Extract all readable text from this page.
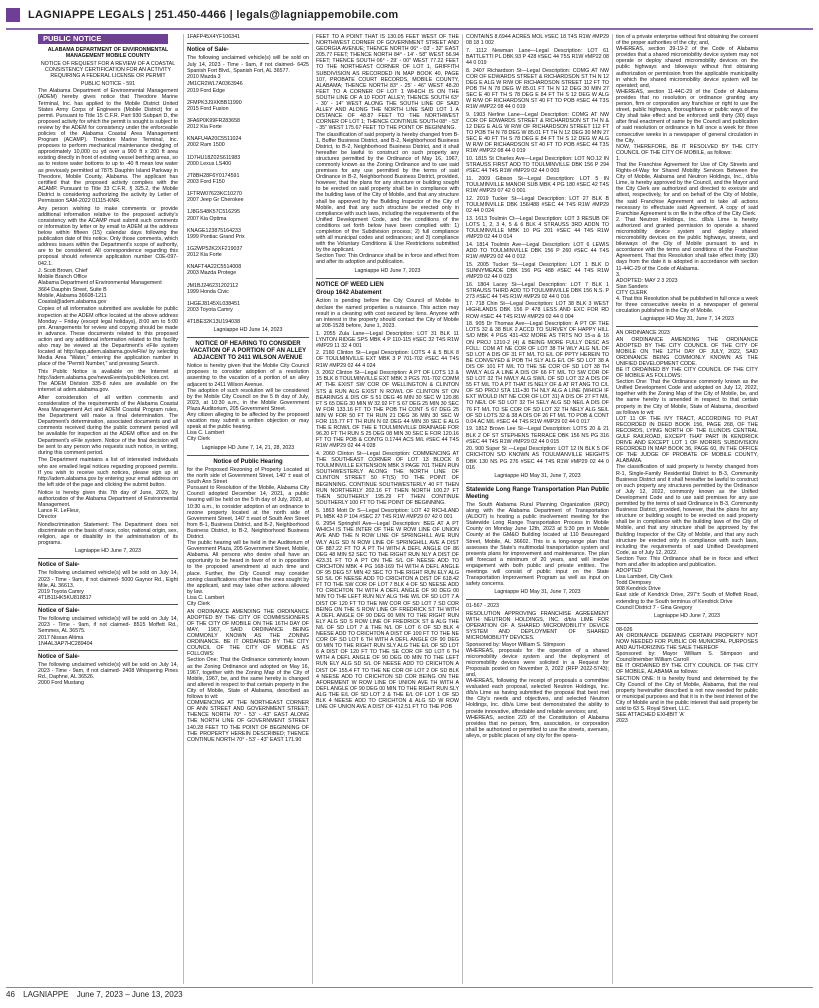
LAGNIAPPE LEGALS | 251.450-4466 | legals@lagniappemobile.com
PUBLIC NOTICE

ALABAMA DEPARTMENT OF ENVIRONMENTAL MANAGEMENT MOBILE COUNTY

NOTICE OF REQUEST FOR A REVIEW OF A COASTAL CONSISTENCY CERTIFICATION FOR AN ACTIVITY REQUIRING A FEDERAL LICENSE OR PERMIT

PUBLIC NOTICE - 591

The Alabama Department of Environmental Management (ADEM) hereby gives notice that Theodore Marine Terminal, Inc. has applied to the Mobile District United States Army Corps of Engineers (Mobile District) for a permit. Pursuant to Title 15 C.F.R. Part 930 Subpart D, the proposed activity for which the permit is sought is subject to review by the ADEM for consistency under the enforceable policies of the Alabama Coastal Area Management Program (ACAMP). Theodore Marine Terminal, Inc. proposes to perform mechanical maintenance dredging of approximately 10,000 cu yd over a 900 ft x 200 ft area existing directly in front of existing vessel berthing areas, so as to restore water bottoms to up to -40 ft mean low water as previously permitted at 7875 Dauphin Island Parkway in Theodore, Mobile County, Alabama. The applicant has certified that the proposed activity complies with the ACAMP. Pursuant to Title 33 C.F.R. § 325.2, the Mobile District is considering authorizing the activity by Letter of Permission SAM-2022 01115-KNR.

Any person wishing to make comments or provide additional information relative to the proposed activity's consistency with the ACAMP must submit such comments or information by letter or by email to ADEM at the address below within fifteen (15) calendar days following the publication date of this notice. Only those comments, which address issues within the Department's scope of authority, are to be considered. All correspondence regarding this proposal should reference application number C0E-097-042.1.

J. Scott Brown, Chief
Mobile Branch Office
Alabama Department of Environmental Management
3664 Dauphin Street, Suite B
Mobile, Alabama 36608-1211
Coastal@adem.alabama.gov

Copies of all information submitted are available for public inspection at the ADEM office located at the above address Monday – Friday (except legal holidays), 8:00 am to 5:00 pm. Arrangements for review and copying should be made in advance. These documents related to this proposed action and any additional information related to this facility also may be viewed at the Department's eFile system located at http://app.adem.alabama.gov/eFile/ by selecting Media Area "Water," entering the application number in place of the "Permit Number," and pressing Search.

This Public Notice is available on the Internet at http://adem.alabama.gov/newsEvents/publicNotices.cnt. The ADEM Division 335-8 rules are available on the internet at adem.alabama.gov.

After consideration of all written comments and consideration of the requirements of the Alabama Coastal Area Management Act and ADEM Coastal Program rules, the Department will make a final determination. The Department's determination, associated documents and all comments received during the public comment period will be available for inspection at the ADEM office and on the Department's eFile system. Notice of the final decision will be sent to any person who requests such notice, in writing, during this comment period.

The Department maintains a list of interested individuals who are emailed legal notices regarding proposed permits. If you wish to receive such notices, please sign up at http://adem.alabama.gov by entering your email address on the left side of the page and clicking the submit button.

Notice is hereby given this 7th day of June, 2023, by authorization of the Alabama Department of Environmental Management.
Lance R. LeFleur,
Director

Nondiscrimination Statement: The Department does not discriminate on the basis of race, color, national origin, sex, religion, age or disability in the administration of its programs.

Lagniappe HD June 7, 2023

Notice of Sale-

The following unclaimed vehicle(s) will be sold on July 14, 2023 - Time - 9am, if not claimed- 5000 Gaynor Rd., Eight Mile, AL 36613.
2019 Toyota Camry
4T1B11HK5KU818817

Notice of Sale-

The following unclaimed vehicle(s) will be sold on July 14, 2023 - Time - 9am, if not claimed- 8515 Moffett Rd., Semmes, AL 36575.
2017 Nissan Altima
1N4AL3AP7HC289404

Notice of Sale-

The following unclaimed vehicle(s) will be sold on July 14, 2023 - Time - 9am, if not claimed- 2408 Whispering Pines Rd., Daphne, AL 36526.
2000 Ford Mustang

1FAFP45X4YF106341

Notice of Sale-

The following unclaimed vehicle(s) will be sold on July 14, 2023 - Time - 9am, if not claimed- 6425 Spanish Fort Blvd., Spanish Fort, AL 36577.
2010 Mazda 3

JM1CR2WL7A0363946
2019 Ford Edge

2FMPK3J9XKBB11990
2015 Ford Fusion

3FA6P0K99FR283658
2012 Kia Forte

KNAFU4A20C5511024
2002 Ram 1500

1D7HU18Z02S611983
2000 Lexus LS400

JT8BH28F6Y0174591
2003 Ford F150

1FTRW07623KC10270
2007 Jeep Gr Cherokee

1J8GS48K57C516295
2007 Kia Optima

KNAGE123875164233
1999 Pontiac Grand Prix

1G2WP52K2XF219037
2012 Kia Forte

KNAFT4A22C5514008
2003 Mazda Protege

JM1BJ246231202112
1999 Honda Civic

1HGEJ8145XL038451
2003 Toyota Camry

4T1BE32K13U194038

Lagniappe HD June 14, 2023

NOTICE OF HEARING TO CONSIDER VACATION OF A PORTION OF AN ALLEY ADJACENT TO 2411 WILSON AVENUE

Notice is hereby given that the Mobile City Council proposes to consider adoption of a resolution assenting to the vacation of a portion of an alley adjacent to 2411 Wilson Avenue.
The adoption of such resolution will be considered by the Mobile City Council on the 5 th day of July, 2023, at 10:30 a.m., in the Mobile Government Plaza Auditorium, 205 Government Street.
Any citizen alleging to be affected by the proposed vacation may submit a written objection or may speak at the public hearing.
Lisa C. Lambert
City Clerk

Lagniappe HD June 7, 14, 21, 28, 2023

Notice of Public Hearing

for the Proposed Rezoning of Property Located at the north side of Government Street, 140' ± east of South Ann Street
Pursuant to Resolution of the Mobile, Alabama City Council adopted December 14, 2021, a public hearing will be held on the 5 th day of July, 2023, at 10:30 a.m., to consider adoption of an ordinance to rezone property located at the north side of Government Street, 140' ± east of South Ann Street from B-1, Business District, and B-2, Neighborhood Business District, to B-2, Neighborhood Business District.
The public hearing will be held in the Auditorium of Government Plaza, 205 Government Street, Mobile, Alabama. All persons who desire shall have an opportunity to be heard in favor of or in opposition to the proposed amendment at such time and place. Further, the City Council may consider zoning classifications other than the ones sought by the applicant, and may take other actions allowed by law.
Lisa C. Lambert
City Clerk

AN ORDINANCE AMENDING THE ORDINANCE ADOPTED BY THE CITY OF COMMISSIONERS OF THE CITY OF MOBILE ON THE 16TH DAY OF MAY, 1967, SAID ORDINANCE BEING COMMONLY KNOWN AS THE ZONING ORDINANCE. BE IT ORDAINED BY THE CITY COUNCIL OF THE CITY OF MOBILE AS FOLLOWS:
Section One: That the Ordinance commonly known as the Zoning Ordinance and adopted on May 16, 1967, together with the Zoning Map of the City of Mobile, 1967, be, and the same hereby is changed and altered in respect to that certain property in the City of Mobile, State of Alabama, described as follows to wit:
COMMENCING AT THE NORTHEAST CORNER OF ANN STREET AND GOVERNMENT STREET; THENCE NORTH 70° - 53' - 43" EAST ALONG THE NORTH LINE OF GOVERNMENT STREET 140.28 FEET TO THE POINT OF BEGINNING OF THE PROPERTY HEREIN DESCRIBED; THENCE CONTINUE NORTH 70° - 53' - 43" EAST 171.90

FEET TO A POINT THAT IS 130.05 FEET WEST OF THE NORTHWEST CORNER OF GOVERNMENT STREET AND GEORGIA AVENUE; THENCE NORTH 06° - 03' - 32" EAST 205.77 FEET; THENCE NORTH 84° - 14' - 58" WEST 56.94 FEET; THENCE SOUTH 06° - 29' - 00" WEST 77.22 FEET TO THE NORTHEAST CORNER OF LOT 1, GRIFFITH SUBDIVISION AS RECORDED IN MAP BOOK 40, PAGE 107, PROBATE COURT RECORDS, MOBILE COUNTY, ALABAMA; THENCE NORTH 83° - 25' - 46" WEST 48.20 FEET TO A CORNER OF LOT 1 WHICH IS ON THE SOUTH LINE OF A 10 FOOT ALLEY; THENCE SOUTH 63° - 30' - 14" WEST ALONG THE SOUTH LINE OF SAID ALLEY AND ALONG THE NORTH LINE SAID LOT 1 A DISTANCE OF 48.87 FEET TO THE NORTHWEST CORNER OF LOT 1; THENCE CONTINUE SOUTH 08° - 53' - 35" WEST 175.67 FEET TO THE POINT OF BEGINNING.
The classification of said property is hereby changed from B-1, Buffer Business District, and B-2, Neighborhood Business District, to B-2, Neighborhood Business District, and it shall hereafter be lawful to construct on such property any structures permitted by the Ordinance of May 16, 1967, commonly known as the Zoning Ordinance and to use said premises for any use permitted by the terms of said Ordinance in B-2, Neighborhood Business District, provided, however, that the plans for any structure or building sought to be erected on said property shall be in compliance with the building laws of the City of Mobile, and that any structure shall be approved by the Building Inspector of the City of Mobile, and that any such structure be erected only in compliance with such laws, including the requirements of the Unified Development Code, and the conditions of the conditions set forth below have been complied with: 1) completion of the Subdivision process; 2) full compliance with all municipal codes and ordinances; and 3) compliance with the Voluntary Conditions & Use Restrictions submitted by the applicant.
Section Two: This Ordinance shall be in force and effect from and after its adoption and publication.

Lagniappe HD June 7, 2023

NOTICE OF WEED LIEN

Group 1642 Abatement

Action is pending before the City Council of Mobile to declare the named properties a nuisance. This action may result in a cleaning with cost secured by liens. Anyone with an interest in the property should contact the City of Mobile at 208-1528 before, June 1, 2023.

1. 2055 Zula Lane—Legal Description: LOT 31 BLK 11 LYNTON RIDGE SPS MBK 4 P 110-115 #SEC 32 T4S R1W #MP29 11 32 4 001

2. 2160 Clinton St—Legal Description: LOTS 4 & 5 BLK 8 OF TOULMINVILLE EXT MBK 3 P 701-702 #SEC 44 T4S R1W #MP29 02 44 4 024

3. 2062 Clinton St—Legal Description: A PT OF LOTS 13 & 15 BLK 8 TOULMINVILLE EXT MBK 3 PGS 701-702 COMM AT THE EXIST SW COR OF WELLINGTON & CLINTON STS & RUN ALG EXIST N ROW/L OF CLINTON ST ON BEARINGS & DIS OF S 51 DEG 46 MIN 30 SEC W 120.86 FT S 65 DEG 30 MIN W 32.92 FT S 67 DEG 25 MIN 30 SEC W FOR 133.16 FT TO THE POB TH CONT S 67 DEG 25 MIN W FOR 50 FT TH RUN 21 DEG 36 MIN 30 SEC W FOR 115.77 FT TH RUN N 02 DEG 44 MIN 30 SEC E ALG THE E ROW/L OF THE E TOULMINVILLE DRAINAGE FOR 96.20 FT TH RUN S 25 DEG 08 MIN 30 SEC E FOR 120.16 FT TO THE POB & CONTG 0.1744 ACS M/L #SEC 44 T4S R1W #MP29 02 44 4 028

4. 2060 Clinton St—Legal Description: COMMENCING AT THE SOUTHEAST CORNER OF LOT 13 BLOCK 8 TOULMINVILLE EXTENSION MBK 3 PAGE 701 THEN RUN SOUTHWESTERLY ALONG THE NORTH LINE OF CLINTON STREET 50 FT(S) TO THE POINT OF BEGINNING. CONTINUE SOUTHWESTERLY 40 FT THEN RUN NORTHERLY 202.16 FT THEN NORTH 100.27 FT THEN SOUTHERLY 195.29 FT THEN CONTINUE SOUTHERLY 100 FT TO THE POINT OF BEGINNING.

5. 1863 Mott Dr S—Legal Description: LOT 42 RICHLAND PL MBK 43 P 104 #SEC 27 T4S R1W #MP29 07 42 0 001

6. 2954 Springhill Ave—Legal Description: BEG AT A PT WHICH IS THE INTER OF THE W ROW LINE OF UNION AVE AND THE N ROW LINE OF SPRINGHILL AVE RUN WLY ALG SD N ROW LINE OF SPRINGHILL AVE A DIST OF 887.22 FT TO A PT TH WITH A DEFL ANGLE OF 86 DEG 48 MIN 52 SEC TO THE RIGHT RUN NLY A DIST OF 423.31 FT TO A PT ON THE S/L OF NEESE ADD TO CRICHTON MBK 4 PG 168-169 TH WITH A DEFL ANGLE OF 95 DEG 57 MIN 42 SEC TO THE RIGHT RUN ELY ALG SD S/L OF NEESE ADD TO CRICHTON A DIST OF 618.42 FT TO THE SW COR OF LOT 7 BLK 4 OF SD NEESE ADD TO CRICHTON TH WITH A DEFL ANGLE OF 90 DEG 00 MIN TO THE LEFT RUN NLY ALG THE W/L OF SD LOT 7 A DIST OF 120 FT TO THE NW COR OF SD LOT 7 SD COR BEING ON THE S ROW LINE OF FREDRICK ST TH WITH A DEFL ANGLE OF 90 DEG 00 MIN TO THE RIGHT RUN ELY ALG SD S ROW LINE OF FREDRICK ST & ALG THE N/L OF SD LOT 7 & THE N/L OF LOT 6 OF SD BLK 4 NEESE ADD TO CRICHTON A DIST OF 100 FT TO THE NE COR OF SD LOT 6 TH WITH A DEFL ANGLE OF 90 DEG 00 MIN TO THE RIGHT RUN SLY ALG THE E/L OF SD LOT 6 A DIST OF 120 FT TO THE SE COR OF SD LOT 6 TH WITH A DEFL ANGLE OF 90 DEG 00 MIN TO THE LEFT RUN ELY ALG SD S/L OF NEESE ADD TO CRICHTON A DIST OF 155.4 FT TO THE NE COR OF LOT 2 OF SD BLK 4 NEESE ADD TO CRICHTON SD COR BEING ON THE AFOREMENT W ROW LINE OF UNION AVE TH WITH A DEFL ANGLE OF 90 DEG 00 MIN TO THE RIGHT RUN SLY ALG THE E/L OF SD LOT 2 & THE E/L OF LOT 1 OF SD BLK 4 NEESE ADD TO CRICHTON & ALG SD W ROW LINE OF UNION AVE A DIST OF 412.51 FT TO THE POB

CONTAINS 8.6944 ACRES MOL #SEC 18 T4S R1W #MP29 08 18 1 002

7. 1112 Newman Lane—Legal Description: LOT 61 BATTLETTI PL DBK 93 P 428 #SEC 44 T5S R1W #MP22 08 44 0 019

8. 2407 Richardson St—Legal Description: COMG AT NW COR OF EDWARDS STREET & RICHARDSON ST TH N 12 DEG E ALG W R/W OF RICHARDSON STREET 112 FT TO POB TH N 78 DEG W 85.01 FT TH N 12 DEG 30 MIN 27 SEC E 40 FT TH S 78 DEG E 84 FT TH S 12 DEG W ALG W R/W OF RICHARDSON ST 40 FT TO POB #SEC 44 T3S R1W #MP22 08 44 0 019

9. 1903 Nerline Lane—Legal Description: COMG AT NW COR OF EDWARDS STREET & RICHARDSON ST TH N & 12 DEG E ALG W R/W OF RICHARDSON STREET 112 FT TO POB TH N 78 DEG W 85.01 FT TH N 12 DEG 30 MIN 27 SEC E 40 FT TH S 78 DEG E 84 FT TH S 12 DEG W ALG W R/W OF RICHARDSON ST 40 FT TO POB #SEC 44 T3S R1W #MP22 08 44 0 019

10. 1815 St Charles Ave—Legal Description: LOT NO.12 IN STRAUSS FIRST ADD TO TOULMINVILLE DBK 156 P 294 #SEC 44 T4S R1W #MP29 02 44 0 003

11. 2009 Gibson St—Legal Description: LOT 5 IN TOULMINVILLE MANOR SUB MBK 4 PG 180 #SEC 42 T4S R1W #MP29 07 42 0 001

12. 2019 Tucker St—Legal Description: LOT 27 BLK B TOULMINVILLE DBK 156/488 #SEC 44 T4S R1W #MP29 02 44 0 024

13. 1613 Toulmin Ct—Legal Description: LOT 3 RESUB OF LOTS 1, 2, 3 4, 5 & 6 BLK 4 STRAUSS 3RD ADDN TO TOULMINVILLE MBK 10 PG 201 #SEC 44 T4S R1W #MP29 02 44 0 014

14. 1814 Toulmin Ave—Legal Description: LOT 6 LEWIS ADD TO TOULMINVILLE DBK 156 P 260 #SEC 44 T4S R1W #MP29 02 44 0 012

15. 2005 Tucker St—Legal Description: LOT 1 BLK D SUNNYMEADE DBK 156 PG 488 #SEC 44 T4S R1W #MP29 02 44 0 023

16. 1804 Lacey St—Legal Description: LOT 7 BLK 1 STRAUSS THIRD ADD TO TOULMINVILLE DBK 156 N.S. P 273 #SEC 44 T4S R1W #MP29 02 44 0 016

17. 718 Chin St—Legal Description: LOT 38 BLK 3 WEST HIGHLANDS DBK 156 P 478 LESS AND EXC FOR RD ROW #SEC 44 T4S R1W #MP29 02 44 0 004

18. 905 Dr Thomas Ave—Legal Description: A PT OF THE LOTS 32 & 38 BLK 2 ACCD TO SURVEY OF HAPPY HILL S/D MBK 4 PGS 431-432 MORE AS TRTS NO 15-a & 16 ON PROJ 1210-2 (4) & BEING MORE FULLY DESC AS FOLL: COM AT NE COR OF LOT 38 TH WLY ALG N/L OF SD LOT A DIS OF 31 FT M/L TO E/L OF PPTY HEREIN TO BE CONVEYED & POB TH SLY ALG E/L OF SD LOT 38 A DIS OF 101 FT M/L TO THE SE COR OF SD LOT 38 TH WWLY ALG A LINE A DIS OF 66 FT M/L TO SW COR OF SD LOT 32 TH NWLY ALG SW/L OF SD LOT 32 A DIS OF 55 FT M/L TO A PT THAT IS NELY OF & AT RT ANG TO C/L OF SD PROJ STA 111+30 TH NLY ALG A LINE (WHICH IF EXT WOULD INT NE COR OF LOT 31) A DIS OF 27 FT M/L TO NE/L OF SD LOT 32 TH SELY ALG SD NE/L A DIS OF 76 FT M/L TO SE COR OF SD LOT 32 TH NELY ALG SE/L OF SD LOTS 32 & 38 A DIS OF 26 FT M/L TO POB & CONT 0.04 AC M/L #SEC 44 T4S R1W #MP29 02 44 0 017

19. 1812 Brown Lee St—Legal Description: LOTS 20 & 21 BLK 2 OF ST STEPHENS TERRACE DBK 156 NS PG 316 #SEC 44 T4S R1W #MP29 02 44 0 015

20. 900 Super St —Legal Description: LOT 12 IN BLK 5 OF CRICHTON S/D KNOWN AS TOULMANVILLE HEIGHTS DBK 130 NS PG 276 #SEC 44 T4S R1W #MP29 02 44 0 016

Lagniappe HD May 31, June 7, 2023

Statewide Long Range Transportation Plan Public Meeting

The South Alabama Rural Planning Organization (RPO) along with the Alabama Department of Transportation (ALDOT) is hosting a public involvement meeting for the Statewide Long Range Transportation Process in Mobile County on Monday June 12th, 2023 at 5:30 pm in Mobile County at the GM&O Building located at 110 Beauregard Street, Mobile, AL 36602. This is a long-range plan that assesses the State's multimodal transportation system and presents plans for improvement and maintenance. The plan will forecast a minimum of 20 years, and will involve engagement with both public and private entities. The meetings will consist of public input on the State Transportation Improvement Program as well as input on safety concerns.

Lagniappe HD May 31, June 7, 2023

01-567 - 2023

RESOLUTION APPROVING FRANCHISE AGREEMENT WITH NEUTRON HOLDINGS, INC. d/b/a LIME FOR OPERATION OF A SHARED MICROMOBILITY DEVICE SYSTEM AND DEPLOYMENT OF SHARED MICROMOBILITY DEVICES.
Sponsored by: Mayor William S. Stimpson
WHEREAS, proposals for the operation of a shared micromobility device system and the deployment of micromobility devices were solicited in a Request for Proposals posted on November 3, 2022 (RFP 2022-5743); and,
WHEREAS, following the receipt of proposals a committee evaluated each proposal, selected Neutron Holdings, Inc. d/b/a Lime as having submitted the proposal that best met the City's needs and objectives, and selected Neutron Holdings, Inc. d/b/a Lime best demonstrated the ability to provide innovative, affordable and reliable services; and,
WHEREAS, section 220 of the Constitution of Alabama provides that no person, firm, association, or corporation shall be authorized or permitted to use the streets, avenues, alleys, or public places of any city for the opera-

tion of a private enterprise without first obtaining the consent of the proper authorities of the city; and,
WHEREAS, section 39-19-2 of the Code of Alabama provides that a shared micromobility device system may not operate or deploy shared micromobility devices on the public highways and bikeways without first obtaining authorization or permission from the applicable municipality in which the shared micromobility device system will be operated; and,
WHEREAS, section 11-44C-29 of the Code of Alabama provides that no resolution or ordinance granting any person, firm or corporation any franchise or right to use the street, public highways, thoroughfares or public ways of the City shall take effect and be enforced until thirty (30) days after final enactment of same by the Council and publication of said resolution or ordinance in full once a week for three consecutive weeks in a newspaper of general circulation in the City.
NOW, THEREFORE, BE IT RESOLVED BY THE CITY COUNCIL OF THE CITY OF MOBILE, as follows:
1.
That the Franchise Agreement for Use of City Streets and Rights-of-Way for Shared Mobility Services Between the City of Mobile, Alabama and Neutron Holdings, Inc., d/b/a Lime, is hereby approved by the Council, and the Mayor and the City Clerk are authorized and directed to execute and attest, respectively, for and on behalf of the City of Mobile, the said Franchise Agreement and to take all actions necessary to effectuate said Agreement. A copy of said Franchise Agreement is on file in the office of the City Clerk.
2. That Neutron Holdings, Inc. d/b/a Lime is hereby authorized and granted permission to operate a shared micromobility device system and deploy shared micromobility devices on the public highways, streets, and bikeways of the City of Mobile pursuant to and in accordance with the terms and conditions of the Franchise Agreement. That this Resolution shall take effect thirty (30) days from the date it is adopted in accordance with section 11-44C-29 of the Code of Alabama.
3.
ADOPTED: MAY 2 3 2023
Sian Sanders
CITY CLERK
4. That this Resolution shall be published in full once a week for three consecutive weeks in a newspaper of general circulation published in the City of Mobile.

Lagniappe HD May 31, June 7, 14 2023

AN ORDINANCE 2023
AN ORDINANCE AMENDING THE ORDINANCE ADOPTED BY THE CITY COUNCIL OF THE CITY OF MOBILE ON THE 12TH DAY OF JULY, 2022, SAID ORDINANCE BEING COMMONLY KNOWN AS THE UNIFIED DEVELOPMENT CODE.
BE IT ORDAINED BY THE CITY COUNCIL OF THE CITY OF MOBILE AS FOLLOWS:
Section One: That the Ordinance commonly known as the Unified Development Code and adopted on July 12, 2022, together with the Zoning Map of the City of Mobile, be, and the same hereby is amended in respect to that certain property in the City of Mobile, State of Alabama, described as follows to wit:
LOT 11 OF THE IVY TRACT, ACCORDING TO PLAT RECORDED IN DEED BOOK 156, PAGE 268, OF THE RECORDS, LYING NORTH OF THE ILLINOIS CENTRAL GULF RAILROAD, EXCEPT THAT PART IN KENDRICK DRIVE AND EXCEPT LOT 1 OF MORRIS SUBDIVISION RECORDED IN MAP BOOK 36, PAGE 60, IN THE OFFICE OF THE JUDGE OF PROBATE OF MOBILE COUNTY, ALABAMA.
The classification of said property is hereby changed from R-1, Single-Family Residential District to B-3, Community Business District and it shall hereafter be lawful to construct on such property any structures permitted by the Ordinance of July 12, 2022, commonly known as the Unified Development Code and to use said premises for any use permitted by the terms of said Ordinance in B-3, Community Business District, provided, however, that the plans for any structure or building sought to be erected on said property shall be in compliance with the building laws of the City of Mobile, and that any structure shall be approved by the Building Inspector of the City of Mobile, and that any such structure be erected only in compliance with such laws, including the requirements of said Unified Development Code, as of July 12, 2022.
Section Two: This Ordinance shall be in force and effect from and after its adoption and publication.
ADOPTED
Lisa Lambert, City Clerk
Todd Dempsey
908 Kendrick Drive
East side of Kendrick Drive, 297'± South of Moffett Road, extending to the South terminus of Kendrick Drive
Council District 7 - Gina Gregory

Lagniappe HD June 7, 2023

08-026
AN ORDINANCE DEEMING CERTAIN PROPERTY NOT NOW NEEDED FOR PUBLIC OR MUNICIPAL PURPOSES AND AUTHORIZING THE SALE THEREOF
Sponsored by: Mayor William S. Stimpson and Councilmember William Carroll
BE IT ORDAINED BY THE CITY COUNCIL OF THE CITY OF MOBILE, ALABAMA as follows:
SECTION ONE: It is hereby found and determined by the City Council of the City of Mobile, Alabama, that the real property hereinafter described is not now needed for public or municipal purposes and that it is in the best interest of the City of Mobile and in the public interest that said property be sold to 63 S. Royal Street, LLC.
SEE ATTACHED EXHIBIT 'A'
2023

46 LAGNIAPPE June 7, 2023 – June 13, 2023
